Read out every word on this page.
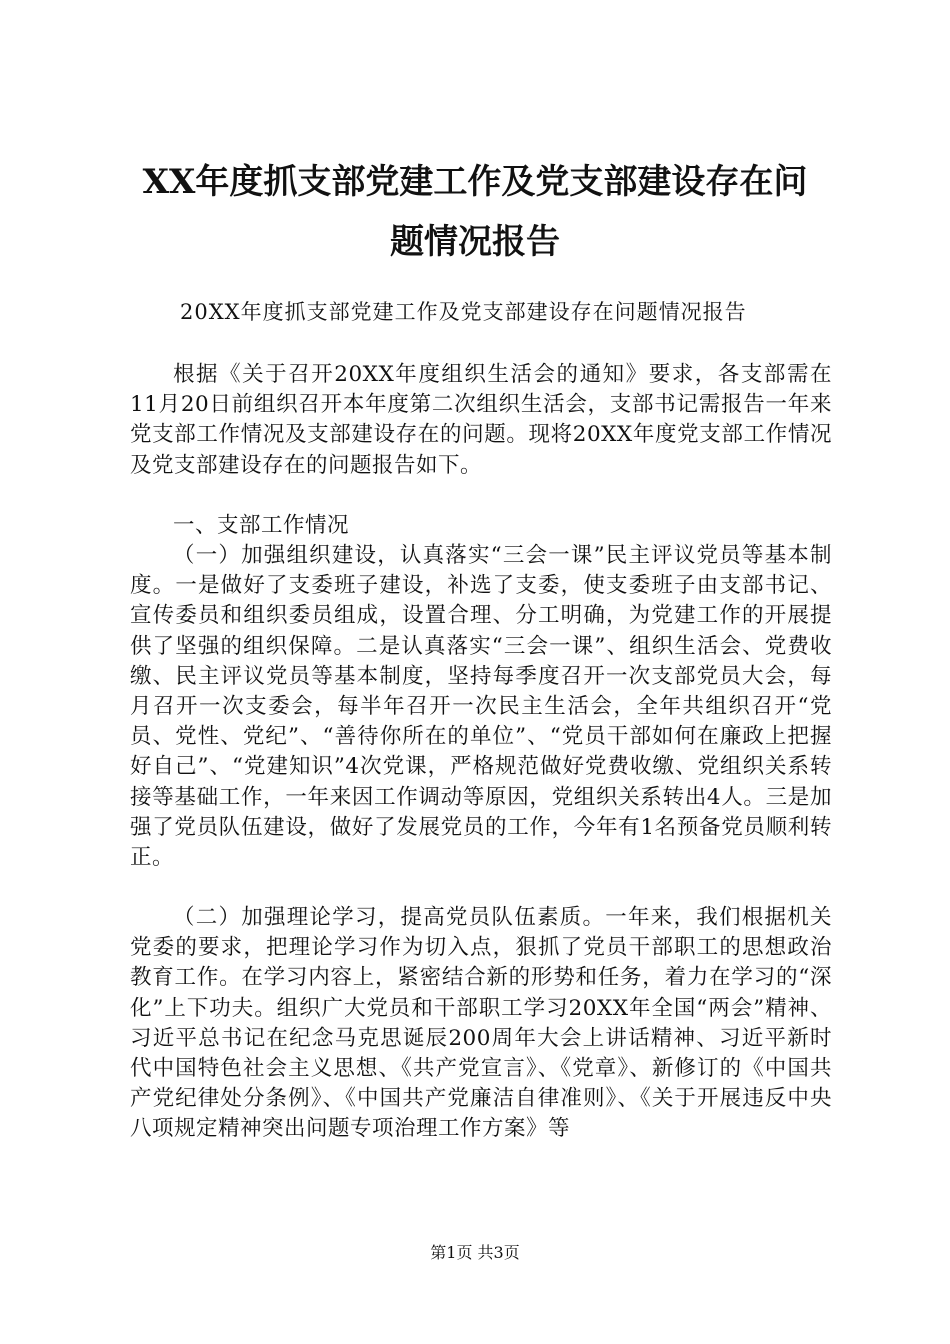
XX年度抓支部党建工作及党支部建设存在问
题情况报告
20XX年度抓支部党建工作及党支部建设存在问题情况报告

根据《关于召开20XX年度组织生活会的通知》要求，各支部需在11月20日前组织召开本年度第二次组织生活会，支部书记需报告一年来党支部工作情况及支部建设存在的问题。现将20XX年度党支部工作情况及党支部建设存在的问题报告如下。

一、支部工作情况

（一）加强组织建设，认真落实“三会一课”民主评议党员等基本制度。一是做好了支委班子建设，补选了支委，使支委班子由支部书记、宣传委员和组织委员组成，设置合理、分工明确，为党建工作的开展提供了坚强的组织保障。二是认真落实“三会一课”、组织生活会、党费收缴、民主评议党员等基本制度，坚持每季度召开一次支部党员大会，每月召开一次支委会，每半年召开一次民主生活会，全年共组织召开“党员、党性、党纪”、“善待你所在的单位”、“党员干部如何在廉政上把握好自己”、“党建知识”4次党课，严格规范做好党费收缴、党组织关系转接等基础工作，一年来因工作调动等原因，党组织关系转出4人。三是加强了党员队伍建设，做好了发展党员的工作，今年有1名预备党员顺利转正。

（二）加强理论学习，提高党员队伍素质。一年来，我们根据机关党委的要求，把理论学习作为切入点，狠抓了党员干部职工的思想政治教育工作。在学习内容上，紧密结合新的形势和任务，着力在学习的“深化”上下功夫。组织广大党员和干部职工学习20XX年全国“两会”精神、习近平总书记在纪念马克思诞辰200周年大会上讲话精神、习近平新时代中国特色社会主义思想、《共产党宣言》、《党章》、新修订的《中国共产党纪律处分条例》、《中国共产党廉洁自律准则》、《关于开展违反中央八项规定精神突出问题专项治理工作方案》等

第1页 共3页
